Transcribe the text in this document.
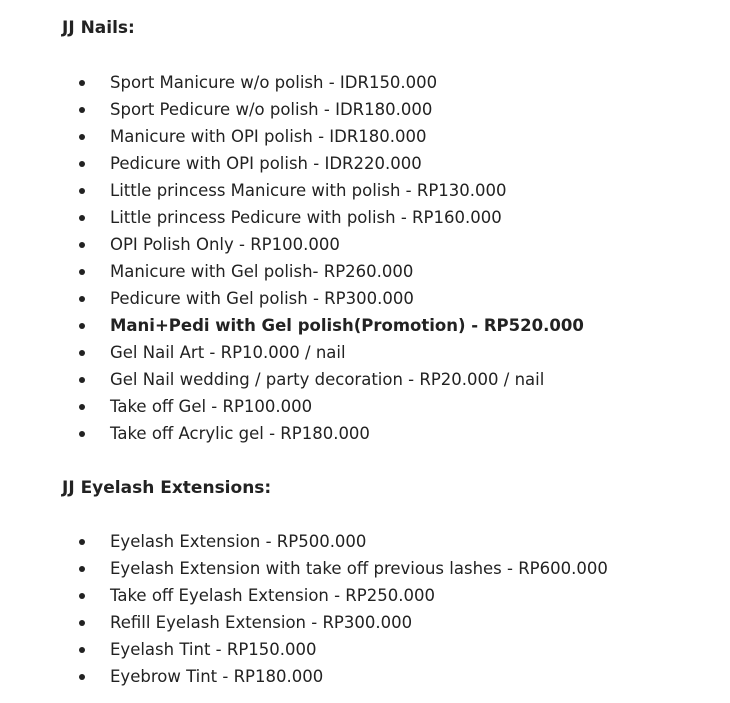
JJ Nails:
Sport Manicure w/o polish - IDR150.000
Sport Pedicure w/o polish - IDR180.000
Manicure with OPI polish - IDR180.000
Pedicure with OPI polish - IDR220.000
Little princess Manicure with polish - RP130.000
Little princess Pedicure with polish - RP160.000
OPI Polish Only - RP100.000
Manicure with Gel polish- RP260.000
Pedicure with Gel polish - RP300.000
Mani+Pedi with Gel polish(Promotion) - RP520.000
Gel Nail Art - RP10.000 / nail
Gel Nail wedding / party decoration - RP20.000 / nail
Take off Gel - RP100.000
Take off Acrylic gel - RP180.000
JJ Eyelash Extensions:
Eyelash Extension - RP500.000
Eyelash Extension with take off previous lashes - RP600.000
Take off Eyelash Extension - RP250.000
Refill Eyelash Extension - RP300.000
Eyelash Tint - RP150.000
Eyebrow Tint - RP180.000
